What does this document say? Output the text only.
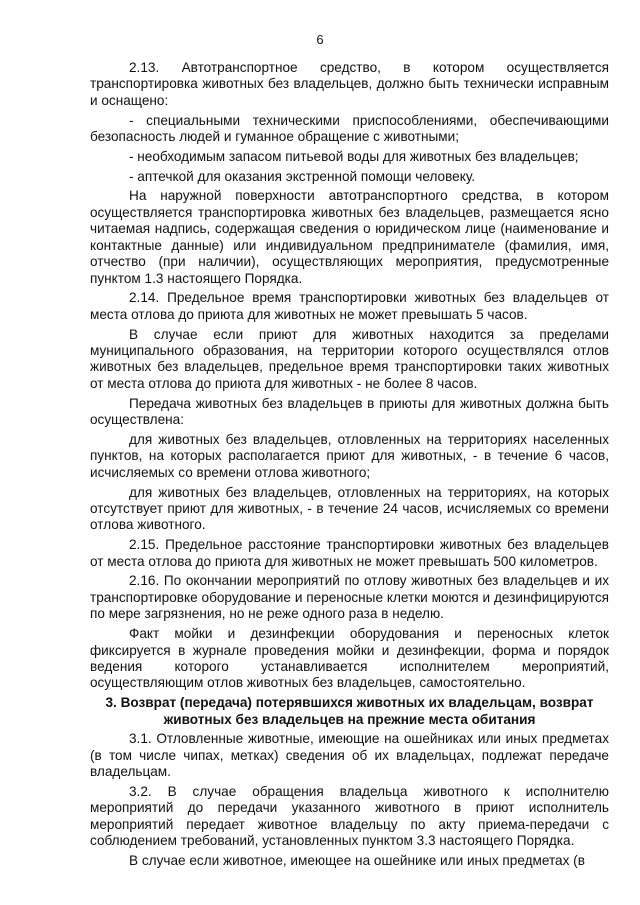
6

2.13. Автотранспортное средство, в котором осуществляется транспортировка животных без владельцев, должно быть технически исправным и оснащено:

- специальными техническими приспособлениями, обеспечивающими безопасность людей и гуманное обращение с животными;

- необходимым запасом питьевой воды для животных без владельцев;

- аптечкой для оказания экстренной помощи человеку.

На наружной поверхности автотранспортного средства, в котором осуществляется транспортировка животных без владельцев, размещается ясно читаемая надпись, содержащая сведения о юридическом лице (наименование и контактные данные) или индивидуальном предпринимателе (фамилия, имя, отчество (при наличии), осуществляющих мероприятия, предусмотренные пунктом 1.3 настоящего Порядка.

2.14. Предельное время транспортировки животных без владельцев от места отлова до приюта для животных не может превышать 5 часов.

В случае если приют для животных находится за пределами муниципального образования, на территории которого осуществлялся отлов животных без владельцев, предельное время транспортировки таких животных от места отлова до приюта для животных - не более 8 часов.

Передача животных без владельцев в приюты для животных должна быть осуществлена:

для животных без владельцев, отловленных на территориях населенных пунктов, на которых располагается приют для животных, - в течение 6 часов, исчисляемых со времени отлова животного;

для животных без владельцев, отловленных на территориях, на которых отсутствует приют для животных, - в течение 24 часов, исчисляемых со времени отлова животного.

2.15. Предельное расстояние транспортировки животных без владельцев от места отлова до приюта для животных не может превышать 500 километров.

2.16. По окончании мероприятий по отлову животных без владельцев и их транспортировке оборудование и переносные клетки моются и дезинфицируются по мере загрязнения, но не реже одного раза в неделю.

Факт мойки и дезинфекции оборудования и переносных клеток фиксируется в журнале проведения мойки и дезинфекции, форма и порядок ведения которого устанавливается исполнителем мероприятий, осуществляющим отлов животных без владельцев, самостоятельно.

3. Возврат (передача) потерявшихся животных их владельцам, возврат животных без владельцев на прежние места обитания

3.1. Отловленные животные, имеющие на ошейниках или иных предметах (в том числе чипах, метках) сведения об их владельцах, подлежат передаче владельцам.

3.2. В случае обращения владельца животного к исполнителю мероприятий до передачи указанного животного в приют исполнитель мероприятий передает животное владельцу по акту приема-передачи с соблюдением требований, установленных пунктом 3.3 настоящего Порядка.

В случае если животное, имеющее на ошейнике или иных предметах (в
